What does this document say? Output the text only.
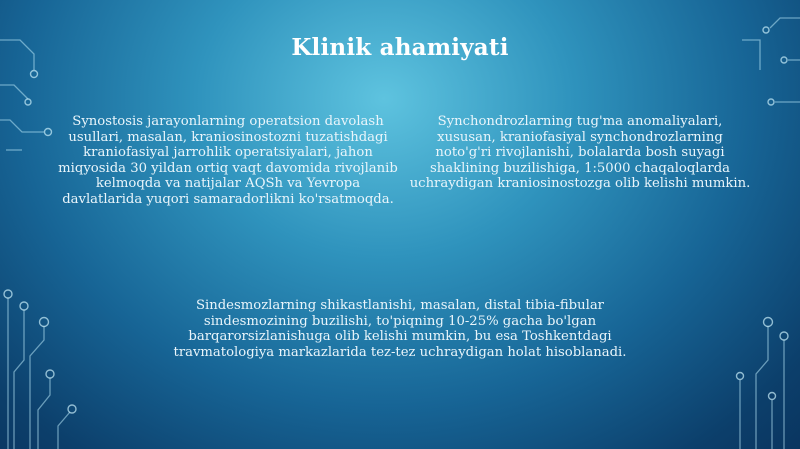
Klinik ahamiyati
Synostosis jarayonlarning operatsion davolash usullari, masalan, kraniosinostozni tuzatishdagi kraniofasiyal jarrohlik operatsiyalari, jahon miqyosida 30 yildan ortiq vaqt davomida rivojlanib kelmoqda va natijalar AQSh va Yevropa davlatlarida yuqori samaradorlikni ko'rsatmoqda.
Synchondrozlarning tug'ma anomaliyalari, xususan, kraniofasiyal synchondrozlarning noto'g'ri rivojlanishi, bolalarda bosh suyagi shaklining buzilishiga, 1:5000 chaqaloqlarda uchraydigan kraniosinostozga olib kelishi mumkin.
Sindesmozlarning shikastlanishi, masalan, distal tibia-fibular sindesmozining buzilishi, to'piqning 10-25% gacha bo'lgan barqarorsizlanishuga olib kelishi mumkin, bu esa Toshkentdagi travmatologiya markazlarida tez-tez uchraydigan holat hisoblanadi.
